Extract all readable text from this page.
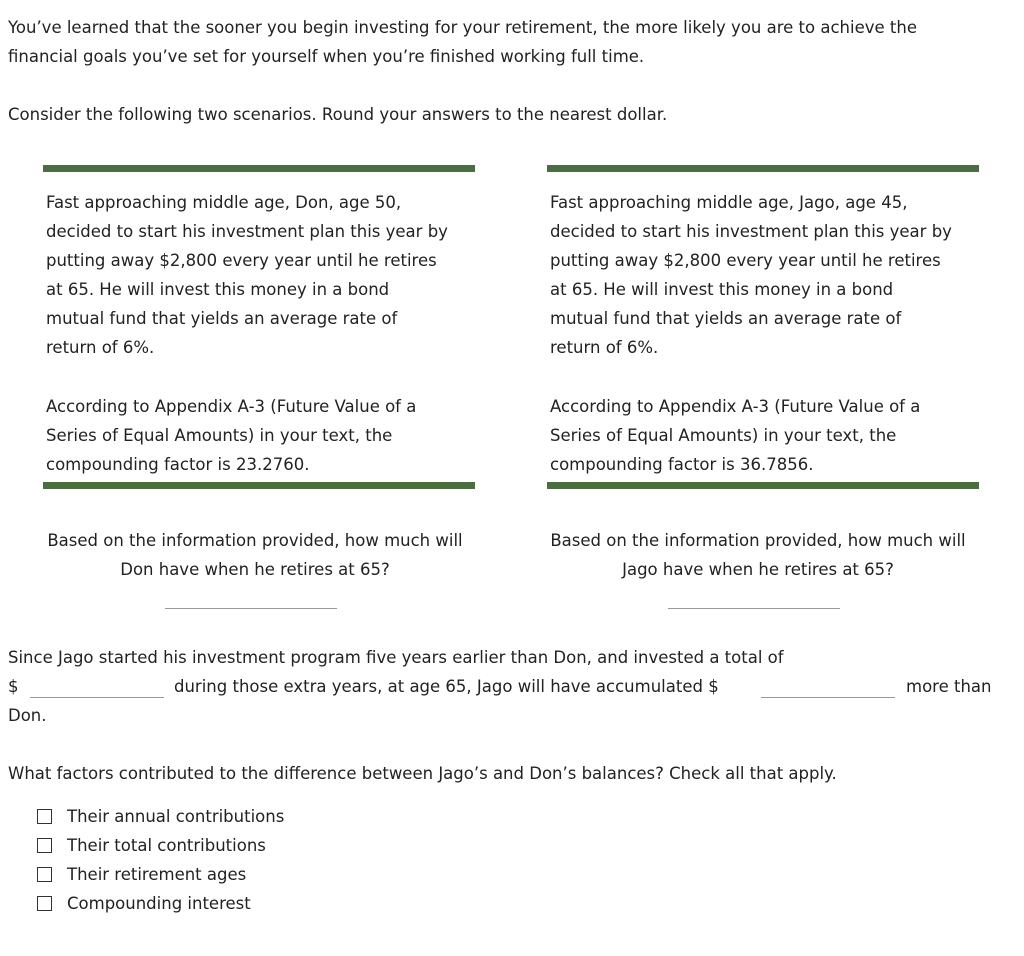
You’ve learned that the sooner you begin investing for your retirement, the more likely you are to achieve the

financial goals you’ve set for yourself when you’re finished working full time.

Consider the following two scenarios. Round your answers to the nearest dollar.

Fast approaching middle age, Don, age 50,

decided to start his investment plan this year by

putting away $2,800 every year until he retires

at 65. He will invest this money in a bond

mutual fund that yields an average rate of

return of 6%.

According to Appendix A-3 (Future Value of a

Series of Equal Amounts) in your text, the

compounding factor is 23.2760.

Fast approaching middle age, Jago, age 45,

decided to start his investment plan this year by

putting away $2,800 every year until he retires

at 65. He will invest this money in a bond

mutual fund that yields an average rate of

return of 6%.

According to Appendix A-3 (Future Value of a

Series of Equal Amounts) in your text, the

compounding factor is 36.7856.

Based on the information provided, how much will
Don have when he retires at 65?
Based on the information provided, how much will
Jago have when he retires at 65?

Since Jago started his investment program five years earlier than Don, and invested a total of

$	during those extra years, at age 65, Jago will have accumulated $	more than

Don.

What factors contributed to the difference between Jago’s and Don’s balances? Check all that apply.

Their annual contributions
Their total contributions
Their retirement ages
Compounding interest
